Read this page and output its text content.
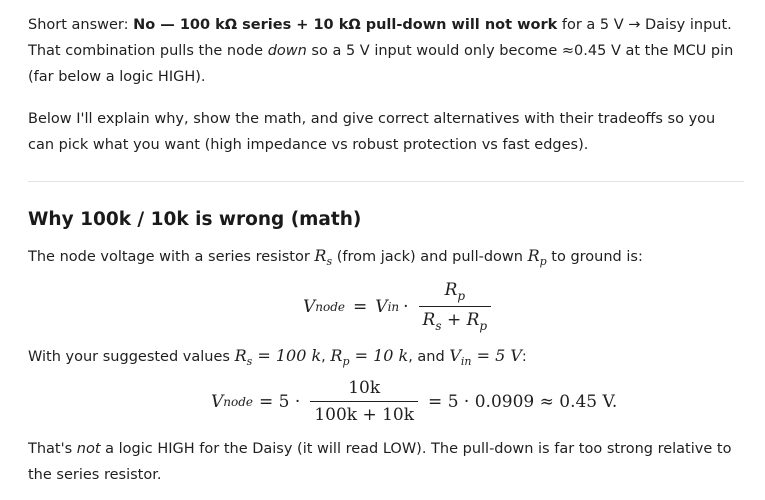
Short answer: No — 100 kΩ series + 10 kΩ pull-down will not work for a 5 V → Daisy input. That combination pulls the node down so a 5 V input would only become ≈0.45 V at the MCU pin (far below a logic HIGH).

Below I'll explain why, show the math, and give correct alternatives with their tradeoffs so you can pick what you want (high impedance vs robust protection vs fast edges).

Why 100k / 10k is wrong (math)

The node voltage with a series resistor $R_s$ (from jack) and pull-down $R_p$ to ground is:

V node = V in · $\frac{R_p}{R_s + R_p}$

With your suggested values $R_s = 100$ k, $R_p = 10$ k, and $V_{in} = 5$ V:

V node = $5 \cdot \frac{10k}{100k + 10k} = 5 \cdot 0.0909 \approx 0.45$ V.

That's not a logic HIGH for the Daisy (it will read LOW). The pull-down is far too strong relative to the series resistor.
